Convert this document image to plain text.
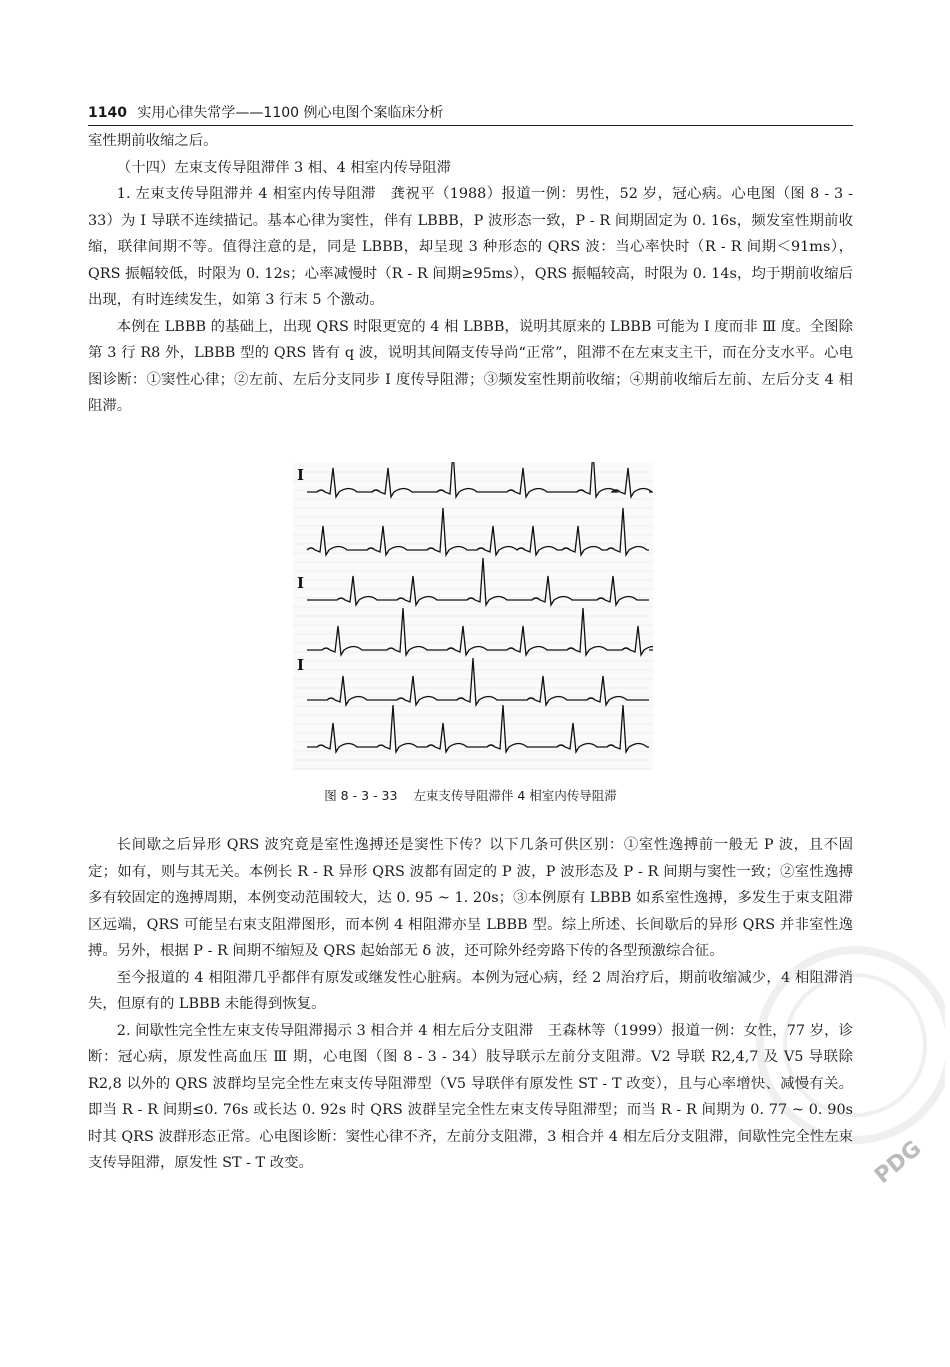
1140 实用心律失常学——1100 例心电图个案临床分析

室性期前收缩之后。

（十四）左束支传导阻滞伴 3 相、4 相室内传导阻滞

1. 左束支传导阻滞并 4 相室内传导阻滞　龚祝平（1988）报道一例：男性，52 岁，冠心病。心电图（图 8 - 3 - 33）为 Ⅰ 导联不连续描记。基本心律为窦性，伴有 LBBB，P 波形态一致，P - R 间期固定为 0. 16s，频发室性期前收缩，联律间期不等。值得注意的是，同是 LBBB，却呈现 3 种形态的 QRS 波：当心率快时（R - R 间期＜91ms），QRS 振幅较低，时限为 0. 12s；心率减慢时（R - R 间期≥95ms），QRS 振幅较高，时限为 0. 14s，均于期前收缩后出现，有时连续发生，如第 3 行末 5 个激动。

本例在 LBBB 的基础上，出现 QRS 时限更宽的 4 相 LBBB，说明其原来的 LBBB 可能为 Ⅰ 度而非 Ⅲ 度。全图除第 3 行 R8 外，LBBB 型的 QRS 皆有 q 波，说明其间隔支传导尚“正常”，阻滞不在左束支主干，而在分支水平。心电图诊断：①窦性心律；②左前、左后分支同步 Ⅰ 度传导阻滞；③频发室性期前收缩；④期前收缩后左前、左后分支 4 相阻滞。

I
I
I
图 8 - 3 - 33 左束支传导阻滞伴 4 相室内传导阻滞

长间歇之后异形 QRS 波究竟是室性逸搏还是窦性下传？以下几条可供区别：①室性逸搏前一般无 P 波，且不固定；如有，则与其无关。本例长 R - R 异形 QRS 波都有固定的 P 波，P 波形态及 P - R 间期与窦性一致；②室性逸搏多有较固定的逸搏周期，本例变动范围较大，达 0. 95 ~ 1. 20s；③本例原有 LBBB 如系室性逸搏，多发生于束支阻滞区远端，QRS 可能呈右束支阻滞图形，而本例 4 相阻滞亦呈 LBBB 型。综上所述、长间歇后的异形 QRS 并非室性逸搏。另外，根据 P - R 间期不缩短及 QRS 起始部无 δ 波，还可除外经旁路下传的各型预激综合征。

至今报道的 4 相阻滞几乎都伴有原发或继发性心脏病。本例为冠心病，经 2 周治疗后，期前收缩减少，4 相阻滞消失，但原有的 LBBB 未能得到恢复。

2. 间歇性完全性左束支传导阻滞揭示 3 相合并 4 相左后分支阻滞　王森林等（1999）报道一例：女性，77 岁，诊断：冠心病，原发性高血压 Ⅲ 期，心电图（图 8 - 3 - 34）肢导联示左前分支阻滞。V2 导联 R2,4,7 及 V5 导联除 R2,8 以外的 QRS 波群均呈完全性左束支传导阻滞型（V5 导联伴有原发性 ST - T 改变），且与心率增快、减慢有关。即当 R - R 间期≤0. 76s 或长达 0. 92s 时 QRS 波群呈完全性左束支传导阻滞型；而当 R - R 间期为 0. 77 ~ 0. 90s 时其 QRS 波群形态正常。心电图诊断：窦性心律不齐，左前分支阻滞，3 相合并 4 相左后分支阻滞，间歇性完全性左束支传导阻滞，原发性 ST - T 改变。	PDG
